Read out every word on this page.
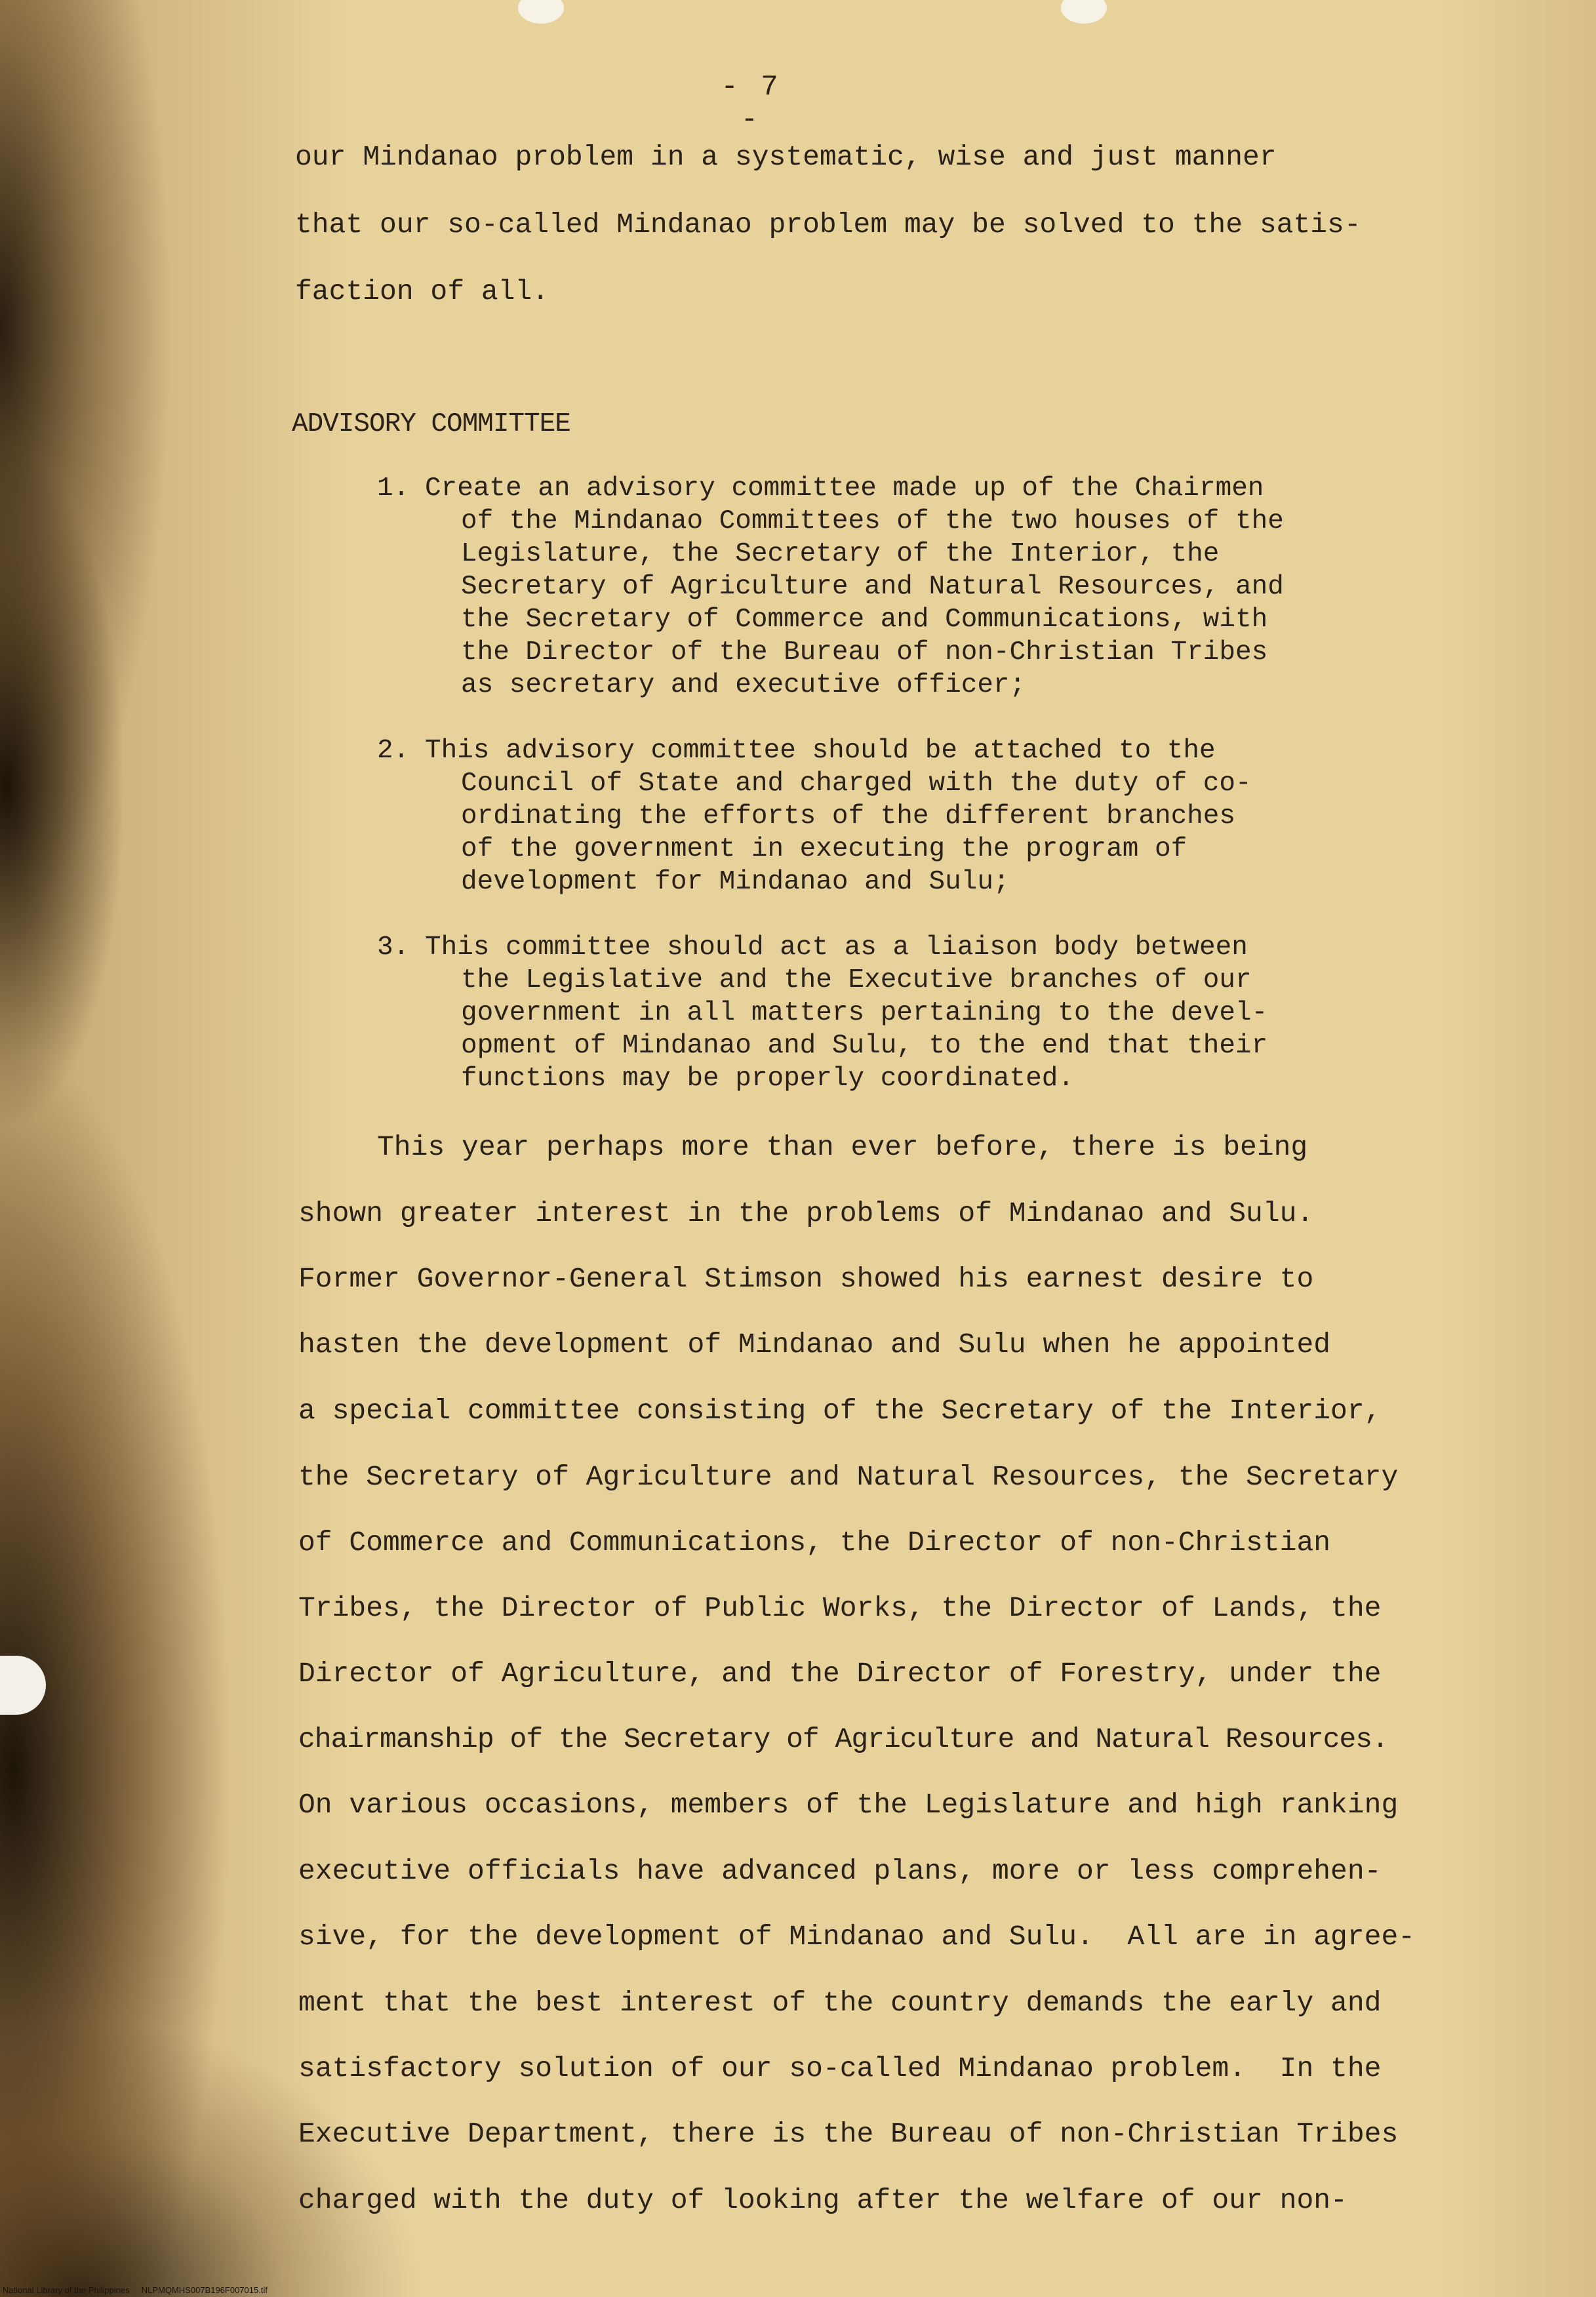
- 7 -
our Mindanao problem in a systematic, wise and just manner
that our so-called Mindanao problem may be solved to the satis-
faction of all.
ADVISORY COMMITTEE
1. Create an advisory committee made up of the Chairmen
of the Mindanao Committees of the two houses of the
Legislature, the Secretary of the Interior, the
Secretary of Agriculture and Natural Resources, and
the Secretary of Commerce and Communications, with
the Director of the Bureau of non-Christian Tribes
as secretary and executive officer;
2. This advisory committee should be attached to the
Council of State and charged with the duty of co-
ordinating the efforts of the different branches
of the government in executing the program of
development for Mindanao and Sulu;
3. This committee should act as a liaison body between
the Legislative and the Executive branches of our
government in all matters pertaining to the devel-
opment of Mindanao and Sulu, to the end that their
functions may be properly coordinated.
This year perhaps more than ever before, there is being
shown greater interest in the problems of Mindanao and Sulu.
Former Governor-General Stimson showed his earnest desire to
hasten the development of Mindanao and Sulu when he appointed
a special committee consisting of the Secretary of the Interior,
the Secretary of Agriculture and Natural Resources, the Secretary
of Commerce and Communications, the Director of non-Christian
Tribes, the Director of Public Works, the Director of Lands, the
Director of Agriculture, and the Director of Forestry, under the
chairmanship of the Secretary of Agriculture and Natural Resources.
On various occasions, members of the Legislature and high ranking
executive officials have advanced plans, more or less comprehen-
sive, for the development of Mindanao and Sulu.  All are in agree-
ment that the best interest of the country demands the early and
satisfactory solution of our so-called Mindanao problem.  In the
Executive Department, there is the Bureau of non-Christian Tribes
charged with the duty of looking after the welfare of our non-
National Library of the Philippines NLPMQMHS007B196F007015.tif
